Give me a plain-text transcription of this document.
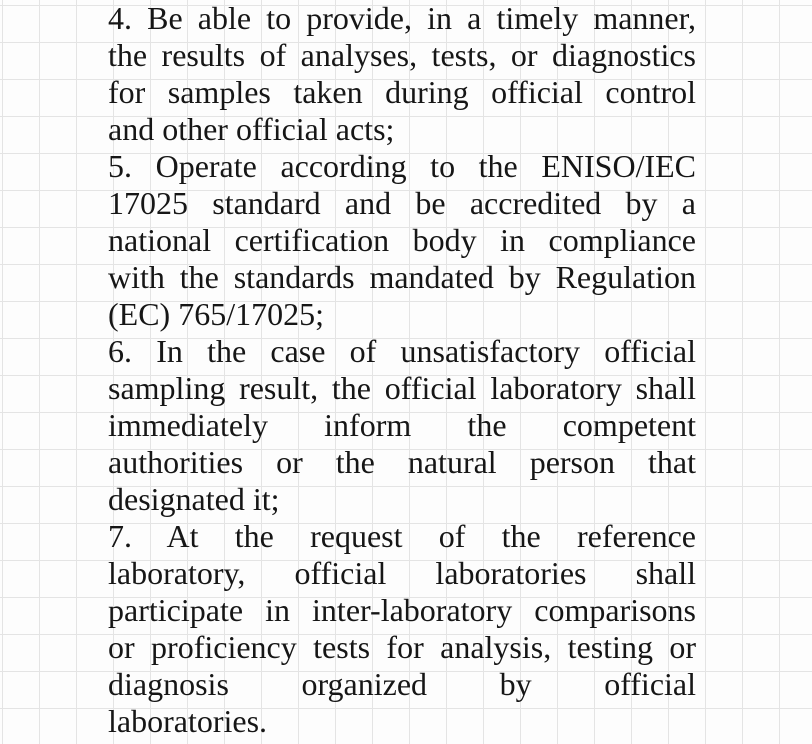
4. Be able to provide, in a timely manner,
the results of analyses, tests, or diagnostics
for samples taken during official control
and other official acts;
5. Operate according to the ENISO/IEC
17025 standard and be accredited by a
national certification body in compliance
with the standards mandated by Regulation
(EC) 765/17025;
6. In the case of unsatisfactory official
sampling result, the official laboratory shall
immediately inform the competent
authorities or the natural person that
designated it;
7. At the request of the reference
laboratory, official laboratories shall
participate in inter-laboratory comparisons
or proficiency tests for analysis, testing or
diagnosis organized by official
laboratories.
